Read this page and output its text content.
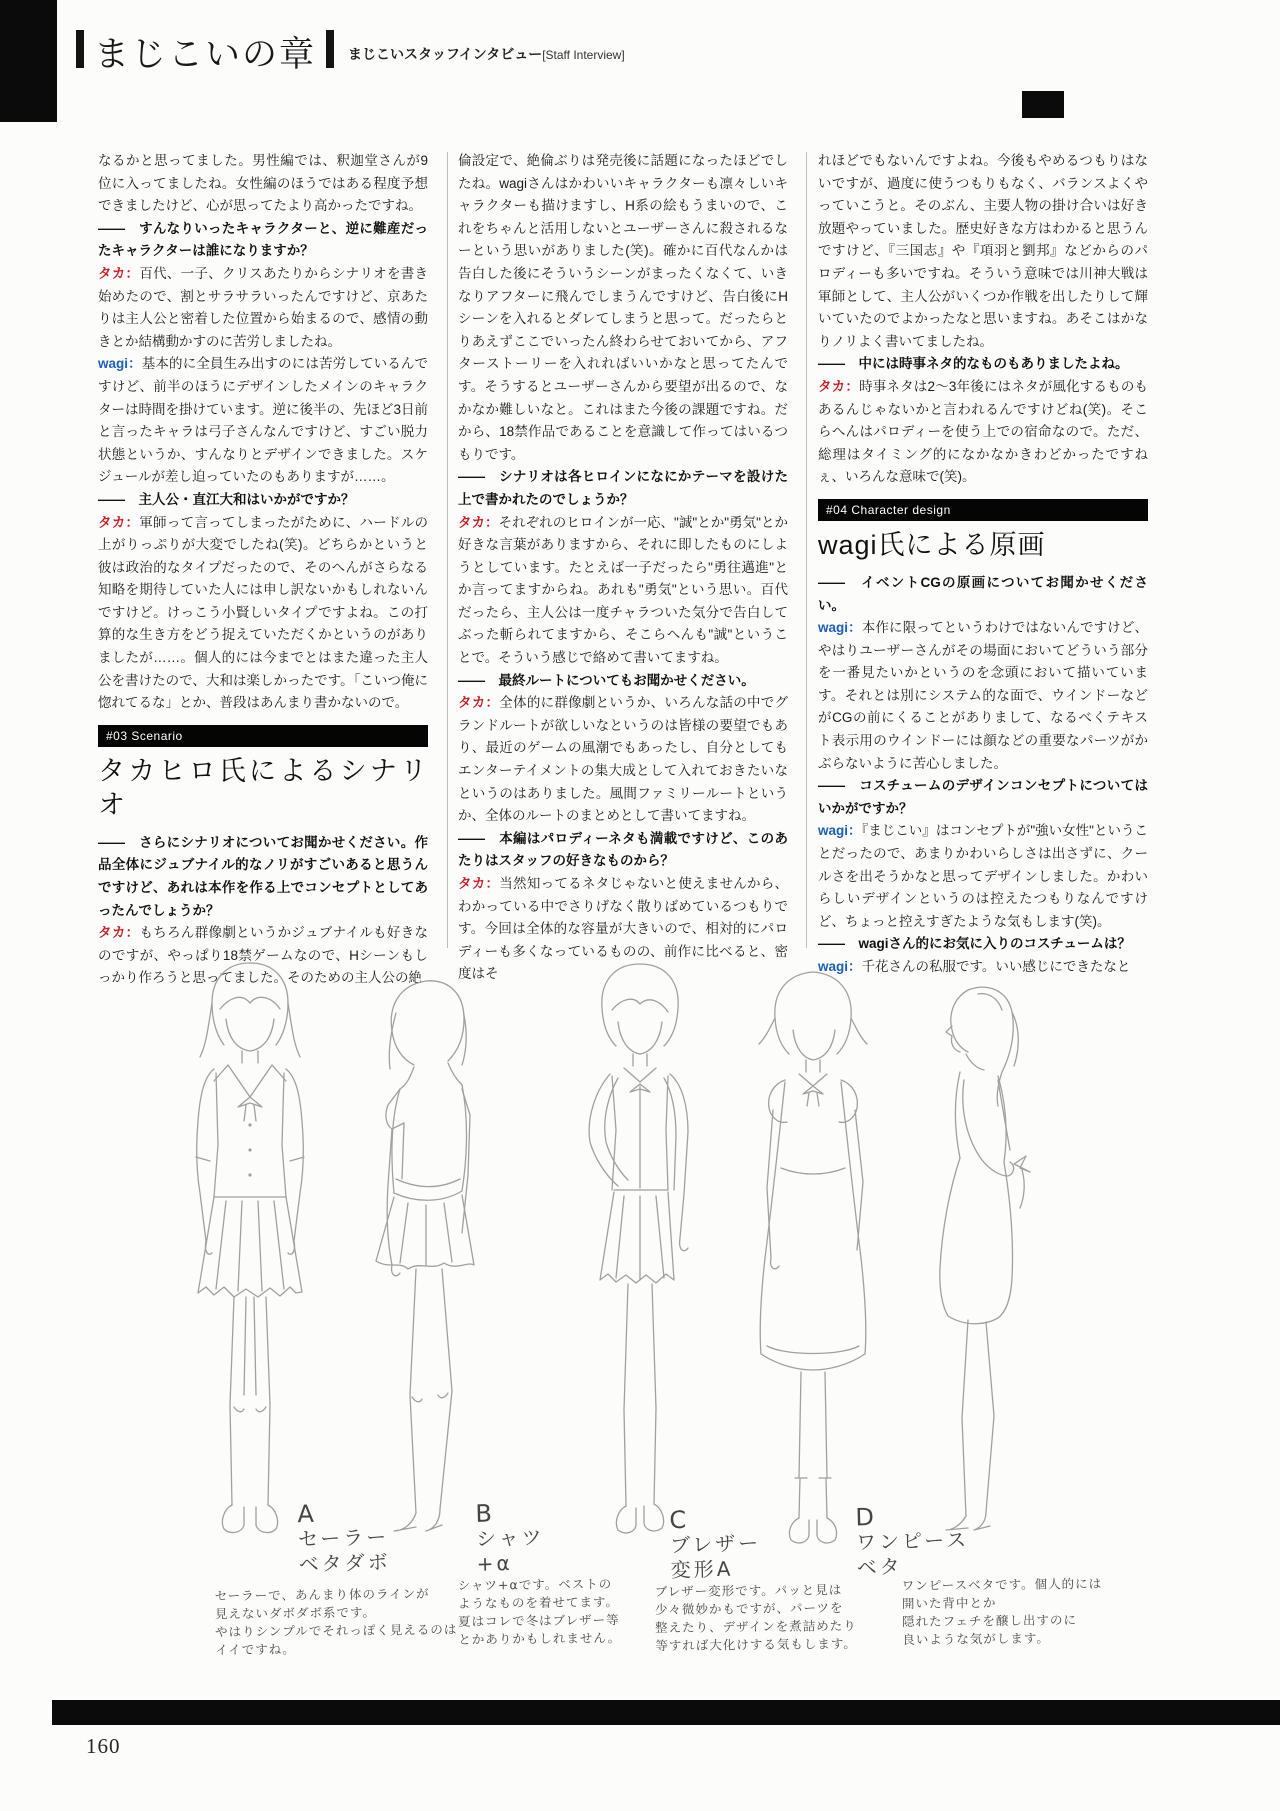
まじこいの章 まじこいスタッフインタビュー[Staff Interview]

なるかと思ってました。男性編では、釈迦堂さんが9位に入ってましたね。女性編のほうではある程度予想できましたけど、心が思ってたより高かったですね。

――　すんなりいったキャラクターと、逆に難産だったキャラクターは誰になりますか？

タカ：百代、一子、クリスあたりからシナリオを書き始めたので、割とサラサラいったんですけど、京あたりは主人公と密着した位置から始まるので、感情の動きとか結構動かすのに苦労しましたね。

wagi：基本的に全員生み出すのには苦労しているんですけど、前半のほうにデザインしたメインのキャラクターは時間を掛けています。逆に後半の、先ほど3日前と言ったキャラは弓子さんなんですけど、すごい脱力状態というか、すんなりとデザインできました。スケジュールが差し迫っていたのもありますが……。

――　主人公・直江大和はいかがですか？

タカ：軍師って言ってしまったがために、ハードルの上がりっぷりが大変でしたね(笑)。どちらかというと彼は政治的なタイプだったので、そのへんがさらなる知略を期待していた人には申し訳ないかもしれないんですけど。けっこう小賢しいタイプですよね。この打算的な生き方をどう捉えていただくかというのがありましたが……。個人的には今までとはまた違った主人公を書けたので、大和は楽しかったです。「こいつ俺に惚れてるな」とか、普段はあんまり書かないので。

#03 Scenario
タカヒロ氏によるシナリオ

――　さらにシナリオについてお聞かせください。作品全体にジュブナイル的なノリがすごいあると思うんですけど、あれは本作を作る上でコンセプトとしてあったんでしょうか？

タカ：もちろん群像劇というかジュブナイルも好きなのですが、やっぱり18禁ゲームなので、Hシーンもしっかり作ろうと思ってました。そのための主人公の絶

倫設定で、絶倫ぶりは発売後に話題になったほどでしたね。wagiさんはかわいいキャラクターも凛々しいキャラクターも描けますし、H系の絵もうまいので、これをちゃんと活用しないとユーザーさんに殺されるなーという思いがありました(笑)。確かに百代なんかは告白した後にそういうシーンがまったくなくて、いきなりアフターに飛んでしまうんですけど、告白後にHシーンを入れるとダレてしまうと思って。だったらとりあえずここでいったん終わらせておいてから、アフターストーリーを入れればいいかなと思ってたんです。そうするとユーザーさんから要望が出るので、なかなか難しいなと。これはまた今後の課題ですね。だから、18禁作品であることを意識して作ってはいるつもりです。

――　シナリオは各ヒロインになにかテーマを設けた上で書かれたのでしょうか？

タカ：それぞれのヒロインが一応、"誠"とか"勇気"とか好きな言葉がありますから、それに即したものにしようとしています。たとえば一子だったら"勇往邁進"とか言ってますからね。あれも"勇気"という思い。百代だったら、主人公は一度チャラついた気分で告白してぶった斬られてますから、そこらへんも"誠"ということで。そういう感じで絡めて書いてますね。

――　最終ルートについてもお聞かせください。

タカ：全体的に群像劇というか、いろんな話の中でグランドルートが欲しいなというのは皆様の要望でもあり、最近のゲームの風潮でもあったし、自分としてもエンターテイメントの集大成として入れておきたいなというのはありました。風間ファミリールートというか、全体のルートのまとめとして書いてますね。

――　本編はパロディーネタも満載ですけど、このあたりはスタッフの好きなものから？

タカ：当然知ってるネタじゃないと使えませんから、わかっている中でさりげなく散りばめているつもりです。今回は全体的な容量が大きいので、相対的にパロディーも多くなっているものの、前作に比べると、密度はそ

れほどでもないんですよね。今後もやめるつもりはないですが、過度に使うつもりもなく、バランスよくやっていこうと。そのぶん、主要人物の掛け合いは好き放題やっていました。歴史好きな方はわかると思うんですけど、『三国志』や『項羽と劉邦』などからのパロディーも多いですね。そういう意味では川神大戦は軍師として、主人公がいくつか作戦を出したりして輝いていたのでよかったなと思いますね。あそこはかなりノリよく書いてましたね。

――　中には時事ネタ的なものもありましたよね。

タカ：時事ネタは2～3年後にはネタが風化するものもあるんじゃないかと言われるんですけどね(笑)。そこらへんはパロディーを使う上での宿命なので。ただ、総理はタイミング的になかなかきわどかったですねぇ、いろんな意味で(笑)。

#04 Character design
wagi氏による原画

――　イベントCGの原画についてお聞かせください。

wagi：本作に限ってというわけではないんですけど、やはりユーザーさんがその場面においてどういう部分を一番見たいかというのを念頭において描いています。それとは別にシステム的な面で、ウインドーなどがCGの前にくることがありまして、なるべくテキスト表示用のウインドーには顔などの重要なパーツがかぶらないように苦心しました。

――　コスチュームのデザインコンセプトについてはいかがですか？

wagi：『まじこい』はコンセプトが"強い女性"ということだったので、あまりかわいらしさは出さずに、クールさを出そうかなと思ってデザインしました。かわいらしいデザインというのは控えたつもりなんですけど、ちょっと控えすぎたような気もします(笑)。

――　wagiさん的にお気に入りのコスチュームは？

wagi：千花さんの私服です。いい感じにできたなと

A
セーラー
ベタダボ
セーラーで、あんまり体のラインが
見えないダボダボ系です。
やはりシンプルでそれっぽく見えるのは
イイですね。
B
シャツ
+α
シャツ+αです。ベストの
ようなものを着せてます。
夏はコレで冬はブレザー等
とかありかもしれません。
C
ブレザー
変形A
ブレザー変形です。パッと見は
少々微妙かもですが、パーツを
整えたり、デザインを煮詰めたり
等すれば大化けする気もします。
D
ワンピース
ベタ
ワンピースベタです。個人的には
開いた背中とか
隠れたフェチを醸し出すのに
良いような気がします。
160
